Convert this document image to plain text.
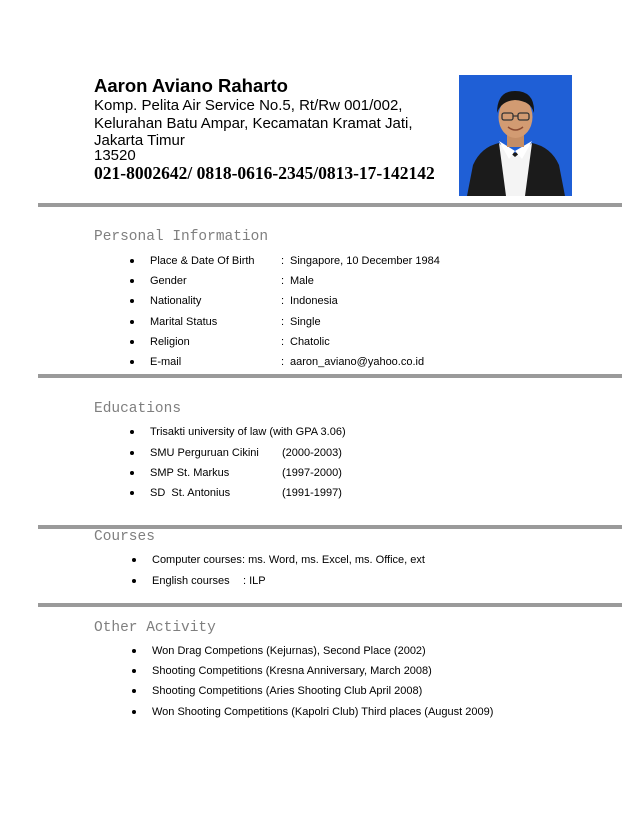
Aaron Aviano Raharto
Komp. Pelita Air Service No.5, Rt/Rw 001/002,
Kelurahan Batu Ampar, Kecamatan Kramat Jati,
Jakarta Timur
13520
021-8002642/ 0818-0616-2345/0813-17-142142
Personal Information
Place & Date Of Birth : Singapore, 10 December 1984
Gender	: Male
Nationality	: Indonesia
Marital Status	: Single
Religion	: Chatolic
E-mail	: aaron_aviano@yahoo.co.id
Educations
Trisakti university of law (with GPA 3.06)
SMU Perguruan Cikini (2000-2003)
SMP St. Markus	(1997-2000)
SD  St. Antonius	(1991-1997)
Courses
Computer courses : ms. Word, ms. Excel, ms. Office, ext
English courses : ILP
Other Activity
Won Drag Competions (Kejurnas), Second Place (2002)
Shooting Competitions (Kresna Anniversary, March 2008)
Shooting Competitions (Aries Shooting Club April 2008)
Won Shooting Competitions (Kapolri Club) Third places (August 2009)
